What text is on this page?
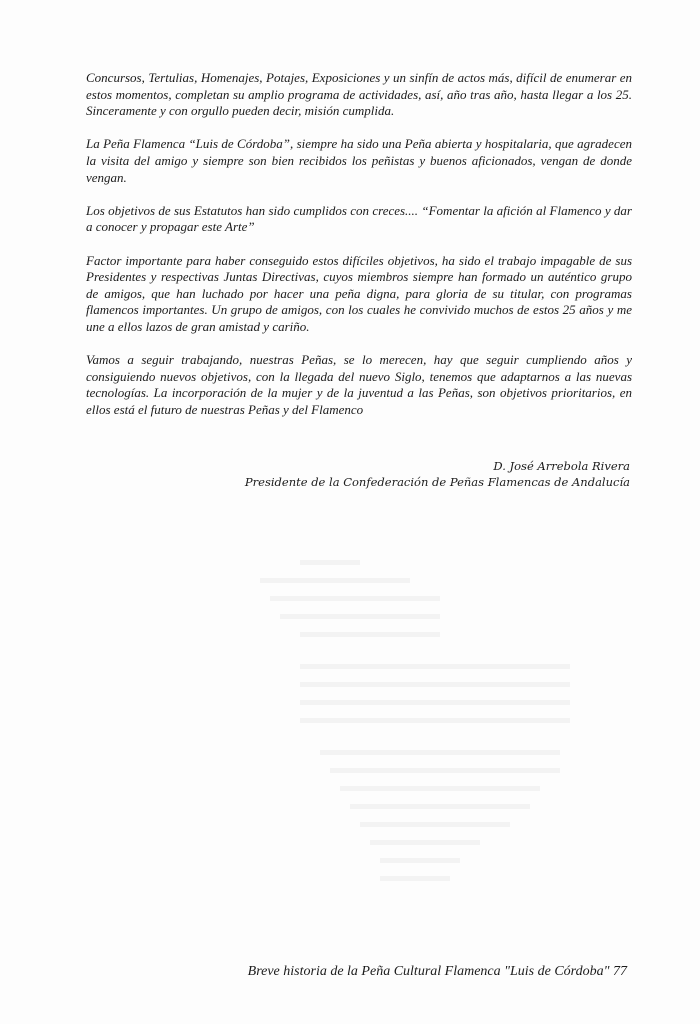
Concursos, Tertulias, Homenajes, Potajes, Exposiciones y un sinfín de actos más, difícil de enumerar en estos momentos, completan su amplio programa de actividades, así, año tras año, hasta llegar a los 25. Sinceramente y con orgullo pueden decir, misión cumplida.

La Peña Flamenca “Luis de Córdoba”, siempre ha sido una Peña abierta y hospitalaria, que agradecen la visita del amigo y siempre son bien recibidos los peñistas y buenos aficionados, vengan de donde vengan.

Los objetivos de sus Estatutos han sido cumplidos con creces.... “Fomentar la afición al Flamenco y dar a conocer y propagar este Arte”

Factor importante para haber conseguido estos difíciles objetivos, ha sido el trabajo impagable de sus Presidentes y respectivas Juntas Directivas, cuyos miembros siempre han formado un auténtico grupo de amigos, que han luchado por hacer una peña digna, para gloria de su titular, con programas flamencos importantes. Un grupo de amigos, con los cuales he convivido muchos de estos 25 años y me une a ellos lazos de gran amistad y cariño.

Vamos a seguir trabajando, nuestras Peñas, se lo merecen, hay que seguir cumpliendo años y consiguiendo nuevos objetivos, con la llegada del nuevo Siglo, tenemos que adaptarnos a las nuevas tecnologías. La incorporación de la mujer y de la juventud a las Peñas, son objetivos prioritarios, en ellos está el futuro de nuestras Peñas y del Flamenco

D. José Arrebola Rivera
Presidente de la Confederación de Peñas Flamencas de Andalucía
Breve historia de la Peña Cultural Flamenca "Luis de Córdoba" 77
